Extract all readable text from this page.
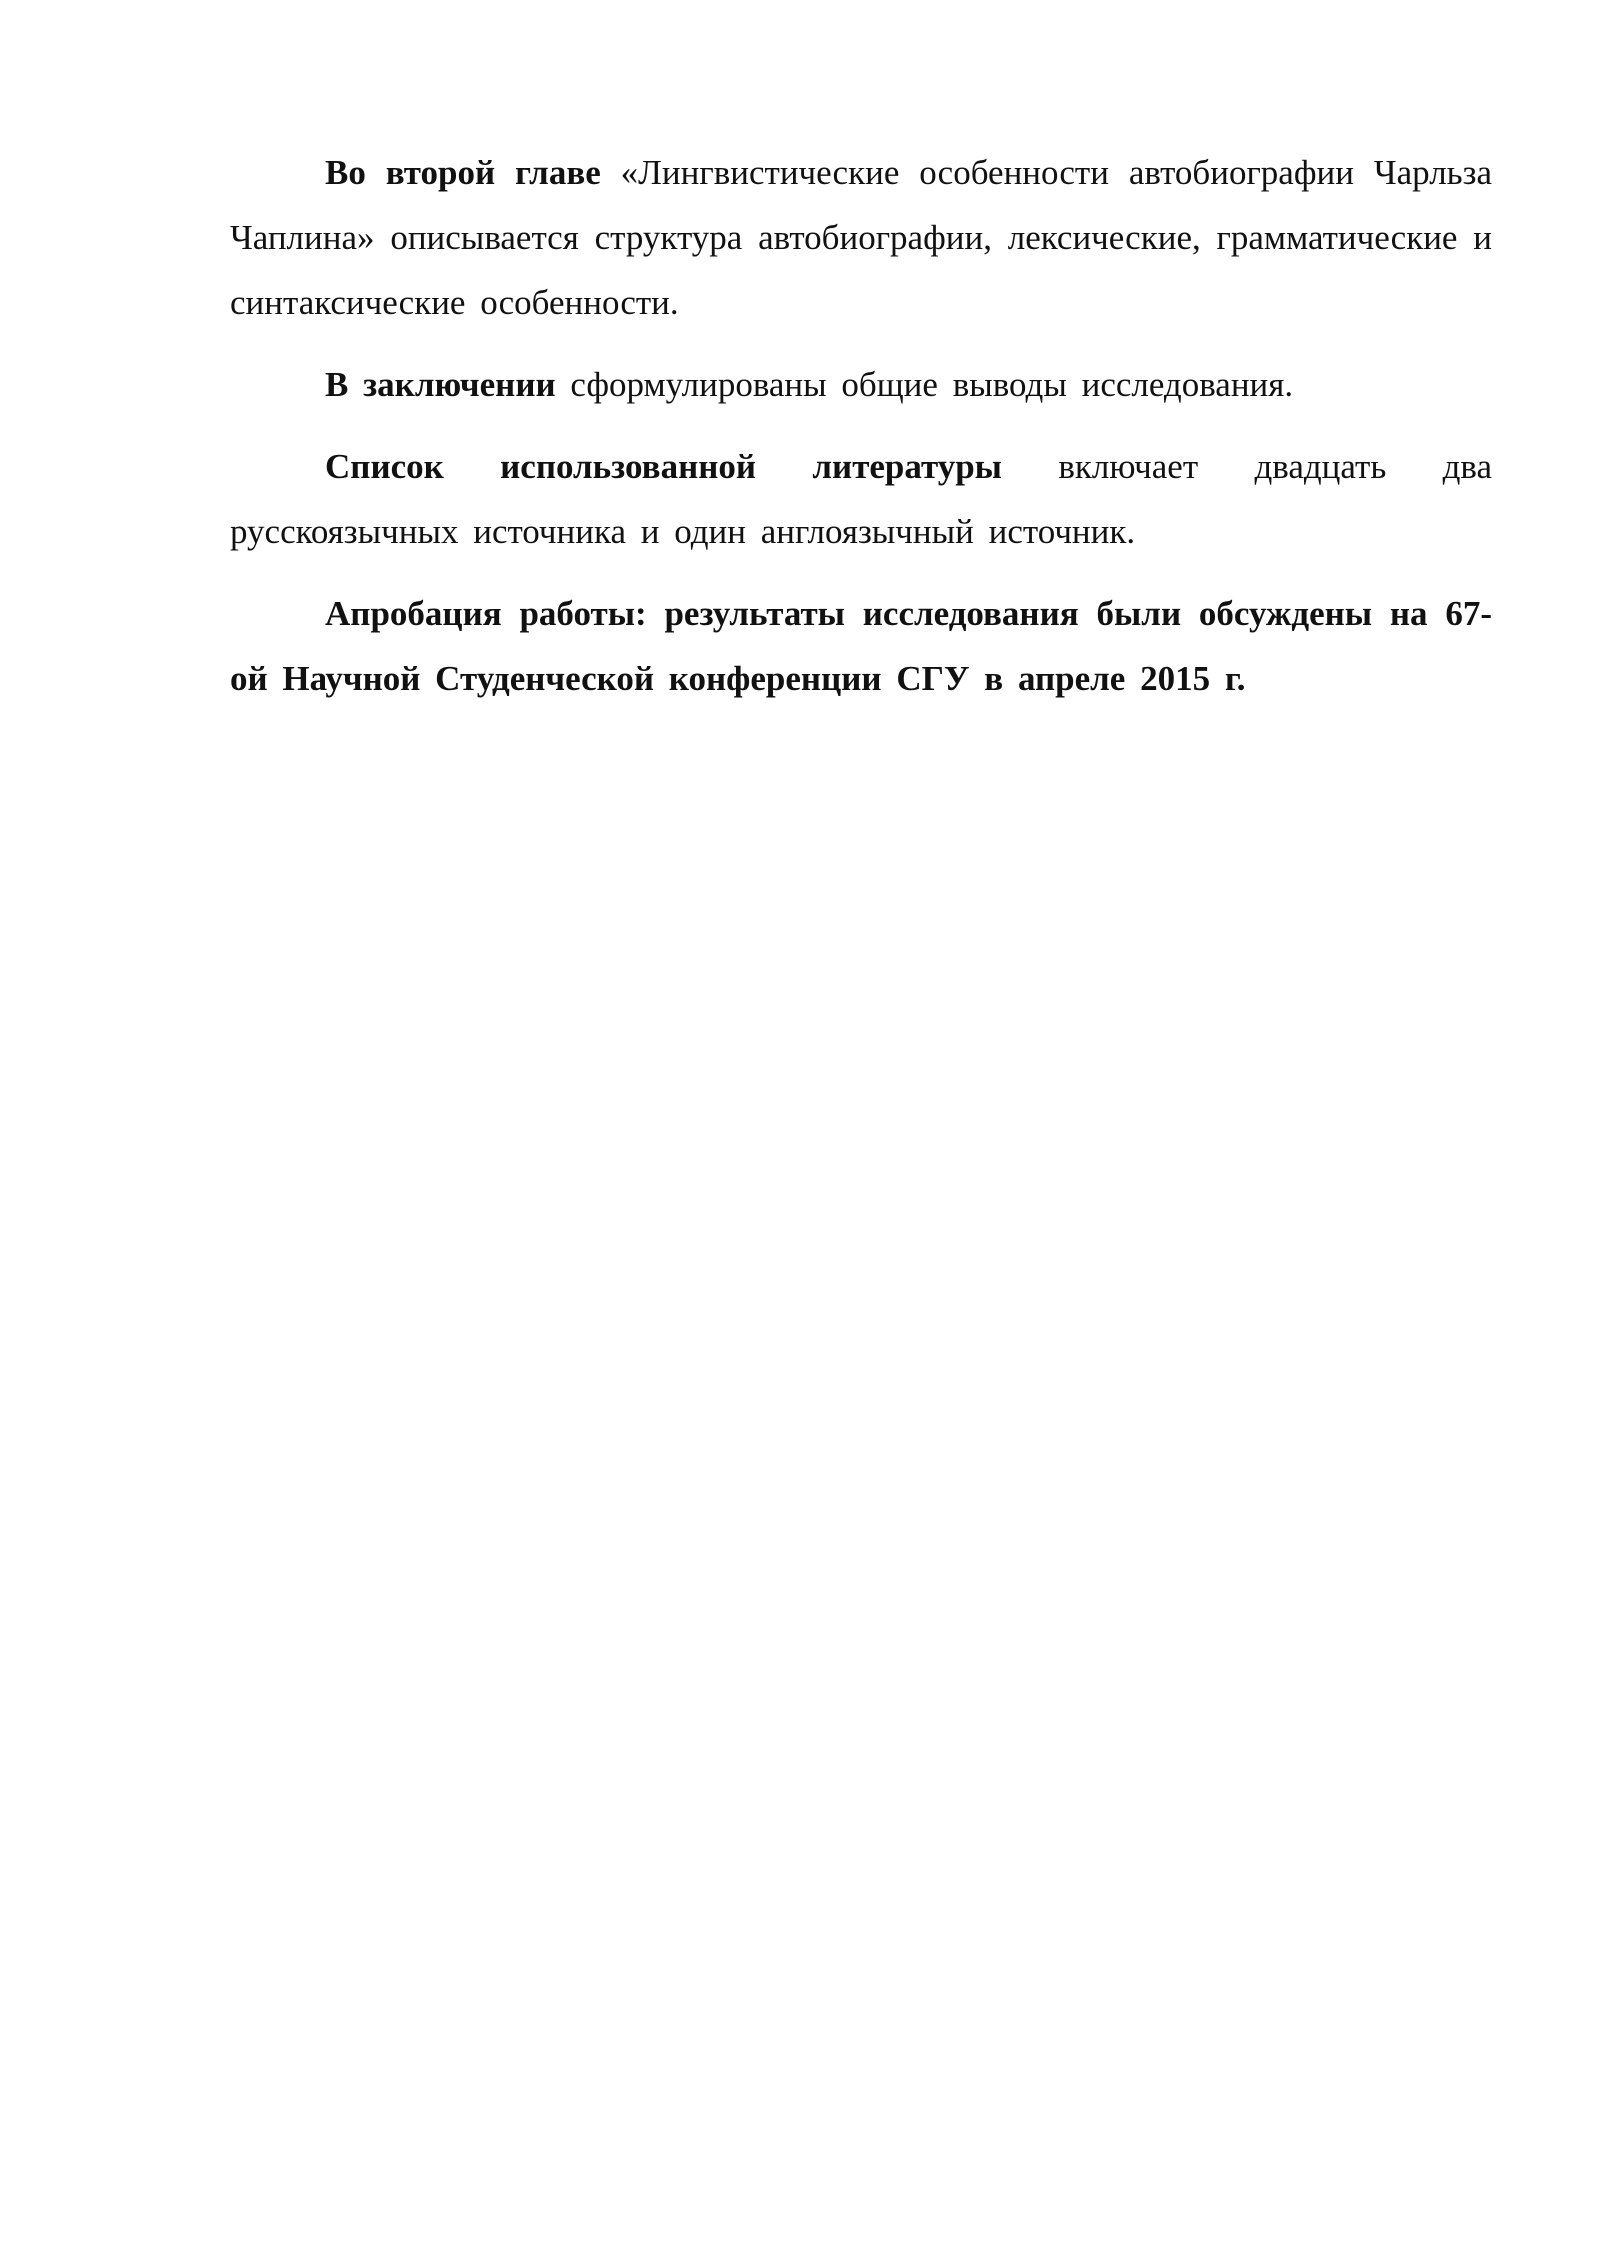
Во второй главе «Лингвистические особенности автобиографии Чарльза Чаплина» описывается структура автобиографии, лексические, грамматические и синтаксические особенности.

В заключении сформулированы общие выводы исследования.

Список использованной литературы включает двадцать два русскоязычных источника и один англоязычный источник.

Апробация работы: результаты исследования были обсуждены на 67-ой Научной Студенческой конференции СГУ в апреле 2015 г.
